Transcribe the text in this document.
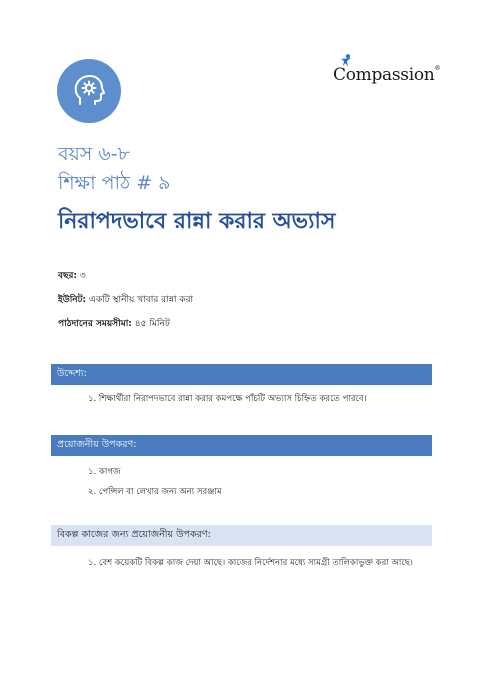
Compassion®
বয়স ৬-৮
শিক্ষা পাঠ # ৯
নিরাপদভাবে রান্না করার অভ্যাস
বছর: ৩
ইউনিট: একটি স্থানীয় খাবার রান্না করা
পাঠদানের সময়সীমা: ৪৫ মিনিট
উদ্দেশ্য:
১. শিক্ষার্থীরা নিরাপদভাবে রান্না করার কমপক্ষে পাঁচটি অভ্যাস চিহ্নিত করতে পারবে।
প্রয়োজনীয় উপকরণ:
১. কাগজ
২. পেন্সিল বা লেখার জন্য অন্য সরঞ্জাম
বিকল্প কাজের জন্য প্রয়োজনীয় উপকরণ:
১. বেশ কয়েকটি বিকল্প কাজ দেয়া আছে। কাজের নির্দেশনার মধ্যে সামগ্রী তালিকাভুক্ত করা আছে।
